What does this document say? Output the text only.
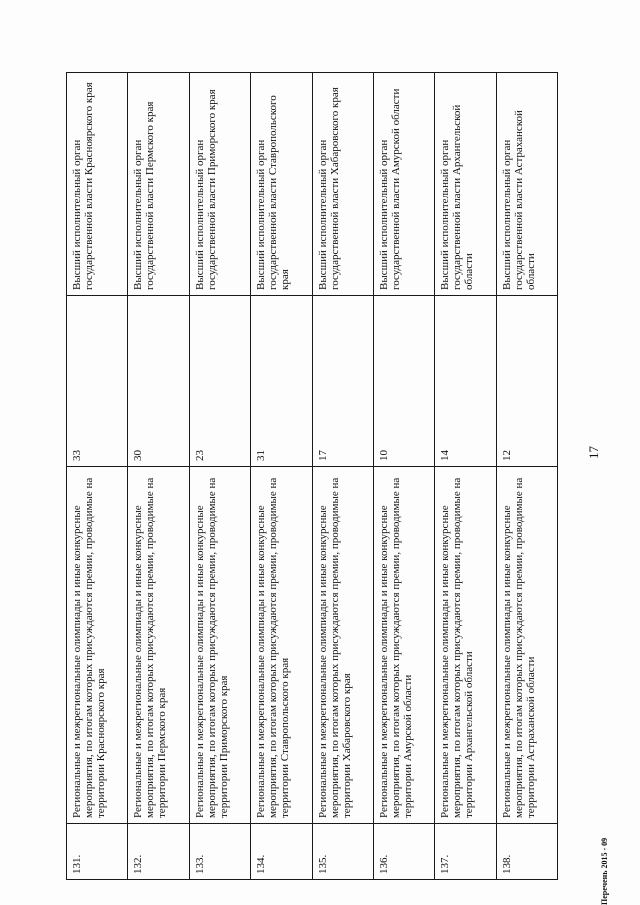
131.	Региональные и межрегиональные олимпиады и иные конкурсные мероприятия, по итогам которых присуждаются премии, проводимые на территории Красноярского края	33	Высший исполнительный орган государственной власти Красноярского края
132.	Региональные и межрегиональные олимпиады и иные конкурсные мероприятия, по итогам которых присуждаются премии, проводимые на территории Пермского края	30	Высший исполнительный орган государственной власти Пермского края
133.	Региональные и межрегиональные олимпиады и иные конкурсные мероприятия, по итогам которых присуждаются премии, проводимые на территории Приморского края	23	Высший исполнительный орган государственной власти Приморского края
134.	Региональные и межрегиональные олимпиады и иные конкурсные мероприятия, по итогам которых присуждаются премии, проводимые на территории Ставропольского края	31	Высший исполнительный орган государственной власти Ставропольского края
135.	Региональные и межрегиональные олимпиады и иные конкурсные мероприятия, по итогам которых присуждаются премии, проводимые на территории Хабаровского края	17	Высший исполнительный орган государственной власти Хабаровского края
136.	Региональные и межрегиональные олимпиады и иные конкурсные мероприятия, по итогам которых присуждаются премии, проводимые на территории Амурской области	10	Высший исполнительный орган государственной власти Амурской области
137.	Региональные и межрегиональные олимпиады и иные конкурсные мероприятия, по итогам которых присуждаются премии, проводимые на территории Архангельской области	14	Высший исполнительный орган государственной власти Архангельской области
138.	Региональные и межрегиональные олимпиады и иные конкурсные мероприятия, по итогам которых присуждаются премии, проводимые на территории Астраханской области	12	Высший исполнительный орган государственной власти Астраханской области
17
Перечень 2015 - 09
